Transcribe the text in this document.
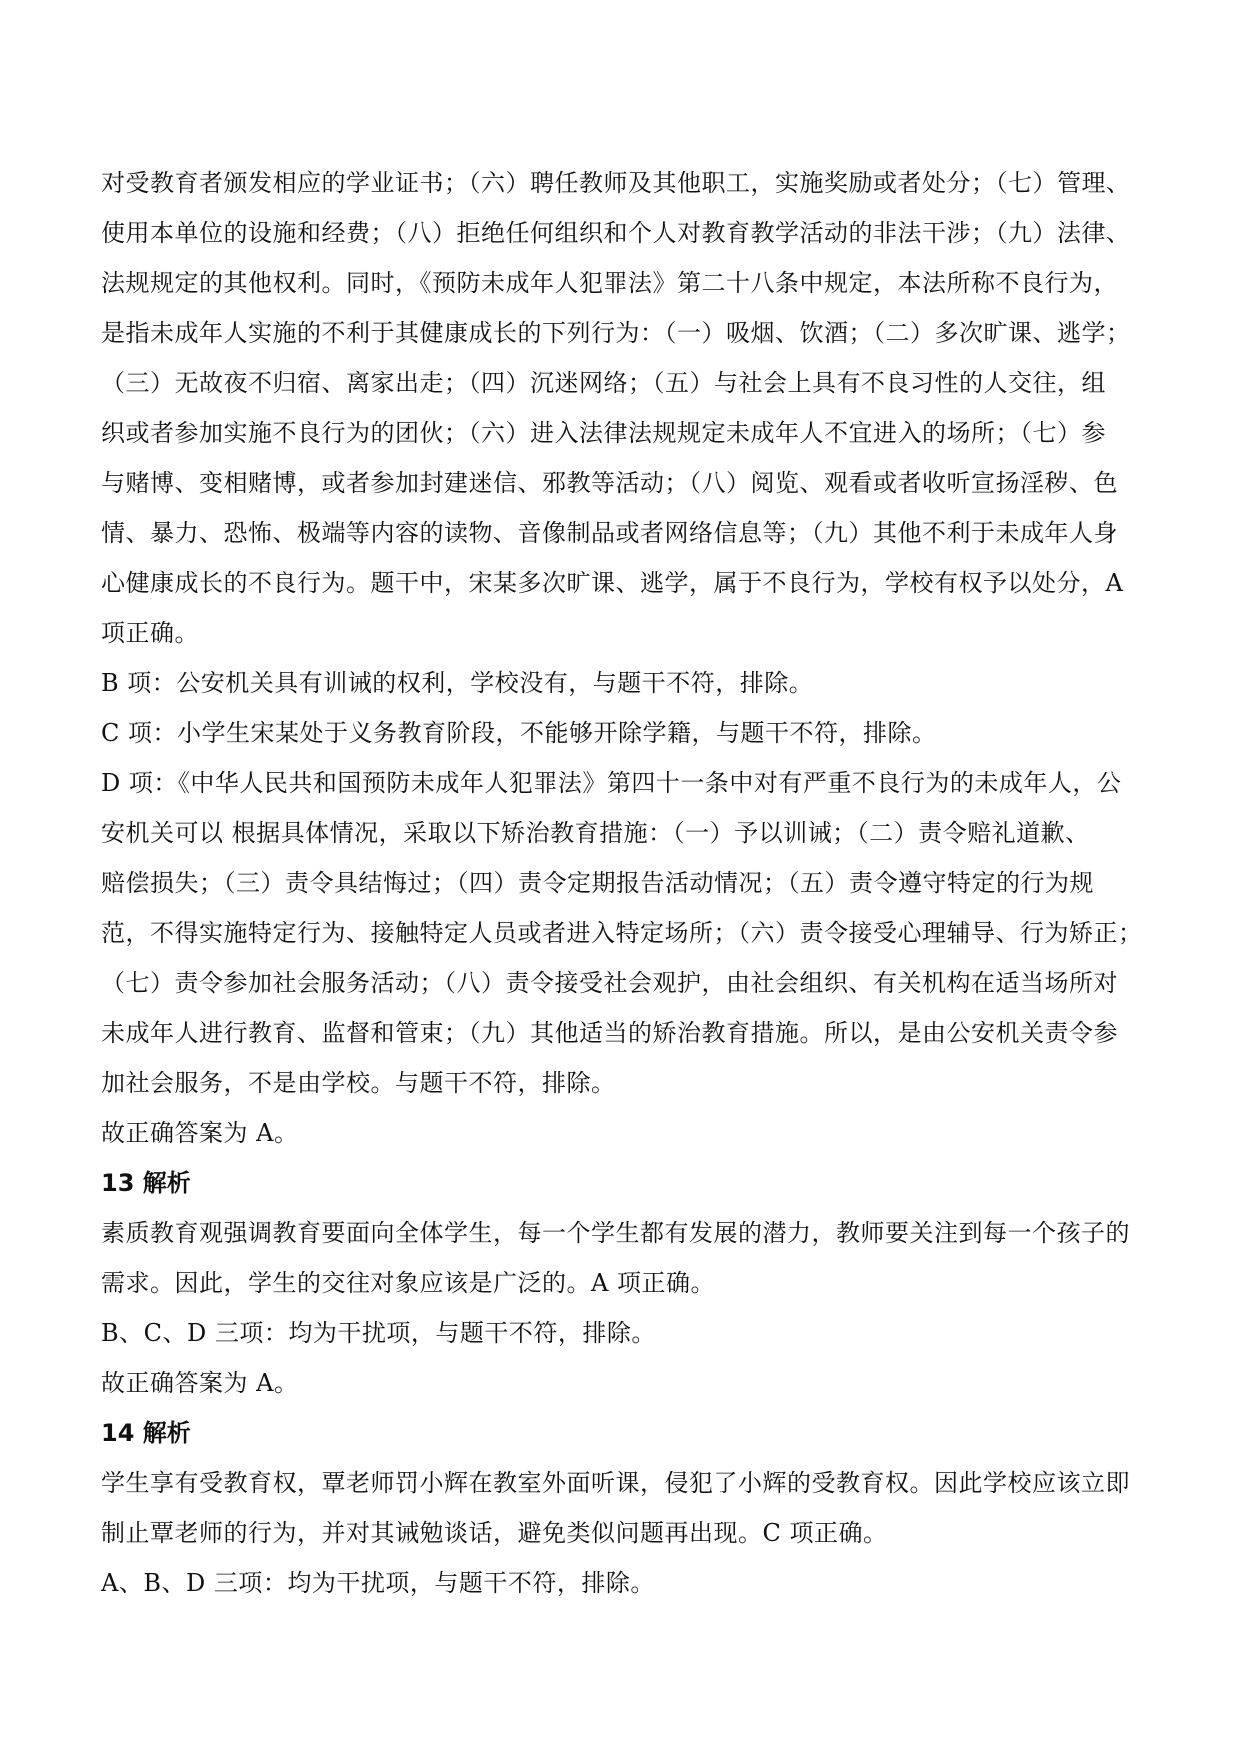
对受教育者颁发相应的学业证书；（六）聘任教师及其他职工，实施奖励或者处分；（七）管理、
使用本单位的设施和经费；（八）拒绝任何组织和个人对教育教学活动的非法干涉；（九）法律、
法规规定的其他权利。同时，《预防未成年人犯罪法》第二十八条中规定，本法所称不良行为，
是指未成年人实施的不利于其健康成长的下列行为：（一）吸烟、饮酒；（二）多次旷课、逃学；
（三）无故夜不归宿、离家出走；（四）沉迷网络；（五）与社会上具有不良习性的人交往，组
织或者参加实施不良行为的团伙；（六）进入法律法规规定未成年人不宜进入的场所；（七）参
与赌博、变相赌博，或者参加封建迷信、邪教等活动；（八）阅览、观看或者收听宣扬淫秽、色
情、暴力、恐怖、极端等内容的读物、音像制品或者网络信息等；（九）其他不利于未成年人身
心健康成长的不良行为。题干中，宋某多次旷课、逃学，属于不良行为，学校有权予以处分，A
项正确。
B 项：公安机关具有训诫的权利，学校没有，与题干不符，排除。
C 项：小学生宋某处于义务教育阶段，不能够开除学籍，与题干不符，排除。
D 项：《中华人民共和国预防未成年人犯罪法》第四十一条中对有严重不良行为的未成年人，公
安机关可以 根据具体情况，采取以下矫治教育措施：（一）予以训诫；（二）责令赔礼道歉、
赔偿损失；（三）责令具结悔过；（四）责令定期报告活动情况；（五）责令遵守特定的行为规
范，不得实施特定行为、接触特定人员或者进入特定场所；（六）责令接受心理辅导、行为矫正；
（七）责令参加社会服务活动；（八）责令接受社会观护，由社会组织、有关机构在适当场所对
未成年人进行教育、监督和管束；（九）其他适当的矫治教育措施。所以，是由公安机关责令参
加社会服务，不是由学校。与题干不符，排除。
故正确答案为 A。
13 解析
素质教育观强调教育要面向全体学生，每一个学生都有发展的潜力，教师要关注到每一个孩子的
需求。因此，学生的交往对象应该是广泛的。A 项正确。
B、C、D 三项：均为干扰项，与题干不符，排除。
故正确答案为 A。
14 解析
学生享有受教育权，覃老师罚小辉在教室外面听课，侵犯了小辉的受教育权。因此学校应该立即
制止覃老师的行为，并对其诫勉谈话，避免类似问题再出现。C 项正确。
A、B、D 三项：均为干扰项，与题干不符，排除。
